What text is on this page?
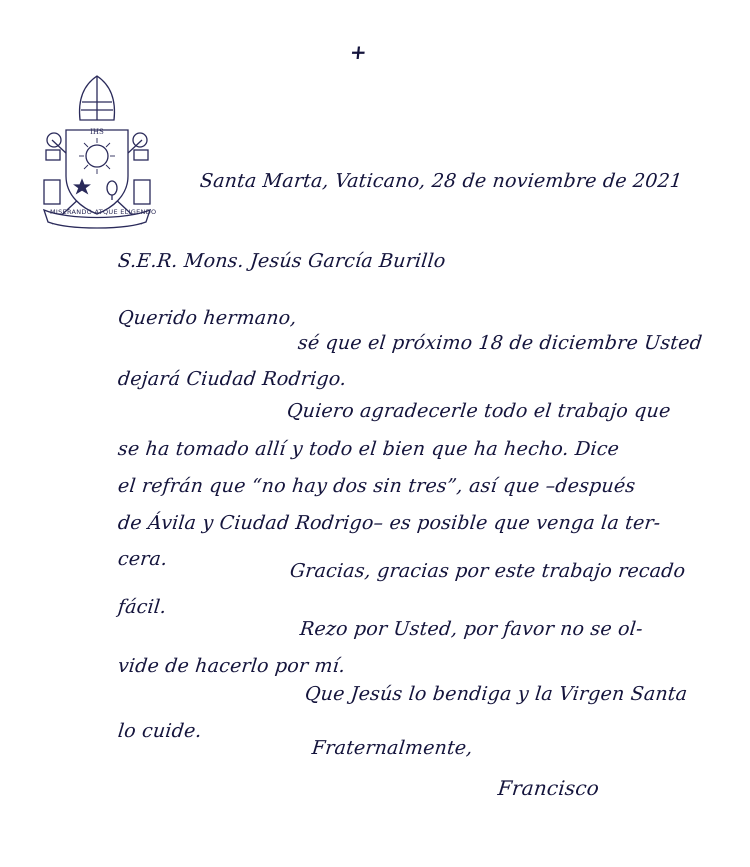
+
IHS
MISERANDO ATQUE ELIGENDO
Santa Marta, Vaticano, 28 de noviembre de 2021
S.E.R. Mons. Jesús García Burillo
Querido hermano,
sé que el próximo 18 de diciembre Usted
dejará Ciudad Rodrigo.
Quiero agradecerle todo el trabajo que
se ha tomado allí y todo el bien que ha hecho. Dice
el refrán que “no hay dos sin tres”, así que –después
de Ávila y Ciudad Rodrigo– es posible que venga la ter-
cera.
Gracias, gracias por este trabajo recado
fácil.
Rezo por Usted, por favor no se ol-
vide de hacerlo por mí.
Que Jesús lo bendiga y la Virgen Santa
lo cuide.
Fraternalmente,
Francisco
